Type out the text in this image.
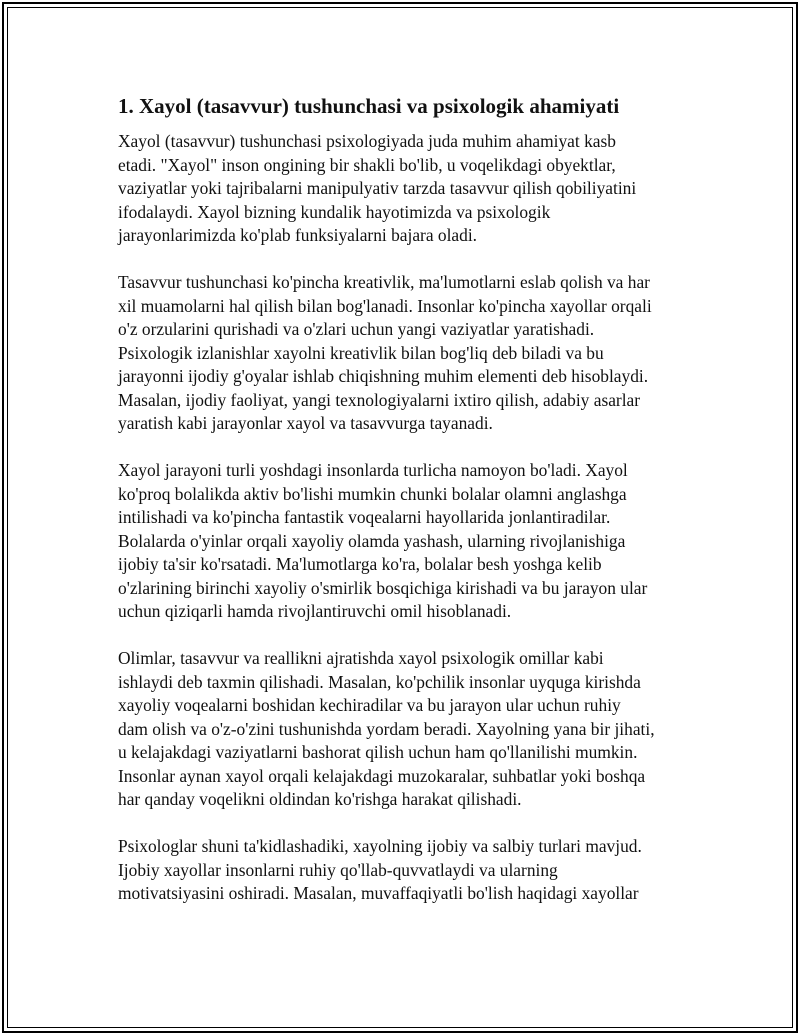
1. Xayol (tasavvur) tushunchasi va psixologik ahamiyati

Xayol (tasavvur) tushunchasi psixologiyada juda muhim ahamiyat kasb
etadi. "Xayol" inson ongining bir shakli bo'lib, u voqelikdagi obyektlar,
vaziyatlar yoki tajribalarni manipulyativ tarzda tasavvur qilish qobiliyatini
ifodalaydi. Xayol bizning kundalik hayotimizda va psixologik
jarayonlarimizda ko'plab funksiyalarni bajara oladi.

Tasavvur tushunchasi ko'pincha kreativlik, ma'lumotlarni eslab qolish va har
xil muamolarni hal qilish bilan bog'lanadi. Insonlar ko'pincha xayollar orqali
o'z orzularini qurishadi va o'zlari uchun yangi vaziyatlar yaratishadi.
Psixologik izlanishlar xayolni kreativlik bilan bog'liq deb biladi va bu
jarayonni ijodiy g'oyalar ishlab chiqishning muhim elementi deb hisoblaydi.
Masalan, ijodiy faoliyat, yangi texnologiyalarni ixtiro qilish, adabiy asarlar
yaratish kabi jarayonlar xayol va tasavvurga tayanadi.

Xayol jarayoni turli yoshdagi insonlarda turlicha namoyon bo'ladi. Xayol
ko'proq bolalikda aktiv bo'lishi mumkin chunki bolalar olamni anglashga
intilishadi va ko'pincha fantastik voqealarni hayollarida jonlantiradilar.
Bolalarda o'yinlar orqali xayoliy olamda yashash, ularning rivojlanishiga
ijobiy ta'sir ko'rsatadi. Ma'lumotlarga ko'ra, bolalar besh yoshga kelib
o'zlarining birinchi xayoliy o'smirlik bosqichiga kirishadi va bu jarayon ular
uchun qiziqarli hamda rivojlantiruvchi omil hisoblanadi.

Olimlar, tasavvur va reallikni ajratishda xayol psixologik omillar kabi
ishlaydi deb taxmin qilishadi. Masalan, ko'pchilik insonlar uyquga kirishda
xayoliy voqealarni boshidan kechiradilar va bu jarayon ular uchun ruhiy
dam olish va o'z-o'zini tushunishda yordam beradi. Xayolning yana bir jihati,
u kelajakdagi vaziyatlarni bashorat qilish uchun ham qo'llanilishi mumkin.
Insonlar aynan xayol orqali kelajakdagi muzokaralar, suhbatlar yoki boshqa
har qanday voqelikni oldindan ko'rishga harakat qilishadi.

Psixologlar shuni ta'kidlashadiki, xayolning ijobiy va salbiy turlari mavjud.
Ijobiy xayollar insonlarni ruhiy qo'llab-quvvatlaydi va ularning
motivatsiyasini oshiradi. Masalan, muvaffaqiyatli bo'lish haqidagi xayollar
